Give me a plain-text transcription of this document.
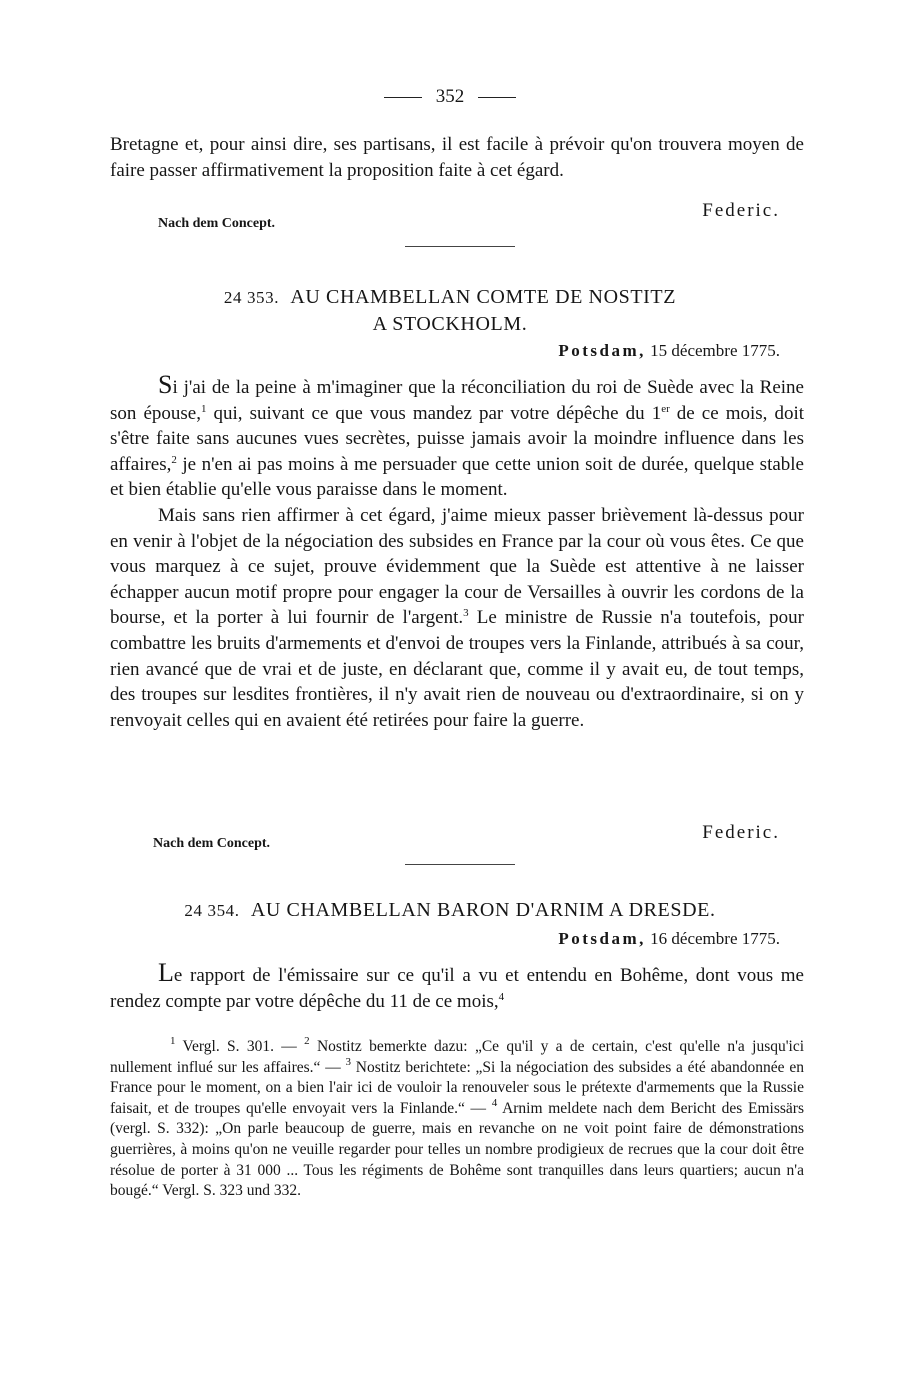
352

Bretagne et, pour ainsi dire, ses partisans, il est facile à prévoir qu'on trouvera moyen de faire passer affirmativement la proposition faite à cet égard.

Federic.
Nach dem Concept.
24 353. AU CHAMBELLAN COMTE DE NOSTITZ
A STOCKHOLM.
Potsdam, 15 décembre 1775.

Si j'ai de la peine à m'imaginer que la réconciliation du roi de Suède avec la Reine son épouse,$^1$ qui, suivant ce que vous mandez par votre dépêche du 1er de ce mois, doit s'être faite sans aucunes vues secrètes, puisse jamais avoir la moindre influence dans les affaires,$^2$ je n'en ai pas moins à me persuader que cette union soit de durée, quelque stable et bien établie qu'elle vous paraisse dans le moment.

Mais sans rien affirmer à cet égard, j'aime mieux passer brièvement là-dessus pour en venir à l'objet de la négociation des subsides en France par la cour où vous êtes. Ce que vous marquez à ce sujet, prouve évidemment que la Suède est attentive à ne laisser échapper aucun motif propre pour engager la cour de Versailles à ouvrir les cordons de la bourse, et la porter à lui fournir de l'argent.$^3$ Le ministre de Russie n'a toutefois, pour combattre les bruits d'armements et d'envoi de troupes vers la Finlande, attribués à sa cour, rien avancé que de vrai et de juste, en déclarant que, comme il y avait eu, de tout temps, des troupes sur lesdites frontières, il n'y avait rien de nouveau ou d'extraordinaire, si on y renvoyait celles qui en avaient été retirées pour faire la guerre.

Federic.
Nach dem Concept.
24 354. AU CHAMBELLAN BARON D'ARNIM A DRESDE.
Potsdam, 16 décembre 1775.

Le rapport de l'émissaire sur ce qu'il a vu et entendu en Bohême, dont vous me rendez compte par votre dépêche du 11 de ce mois,$^4$

$^1$ Vergl. S. 301. — $^2$ Nostitz bemerkte dazu: „Ce qu'il y a de certain, c'est qu'elle n'a jusqu'ici nullement influé sur les affaires.“ — $^3$ Nostitz berichtete: „Si la négociation des subsides a été abandonnée en France pour le moment, on a bien l'air ici de vouloir la renouveler sous le prétexte d'armements que la Russie faisait, et de troupes qu'elle envoyait vers la Finlande.“ — $^4$ Arnim meldete nach dem Bericht des Emissärs (vergl. S. 332): „On parle beaucoup de guerre, mais en revanche on ne voit point faire de démonstrations guerrières, à moins qu'on ne veuille regarder pour telles un nombre prodigieux de recrues que la cour doit être résolue de porter à 31 000 ... Tous les régiments de Bohême sont tranquilles dans leurs quartiers; aucun n'a bougé.“ Vergl. S. 323 und 332.
